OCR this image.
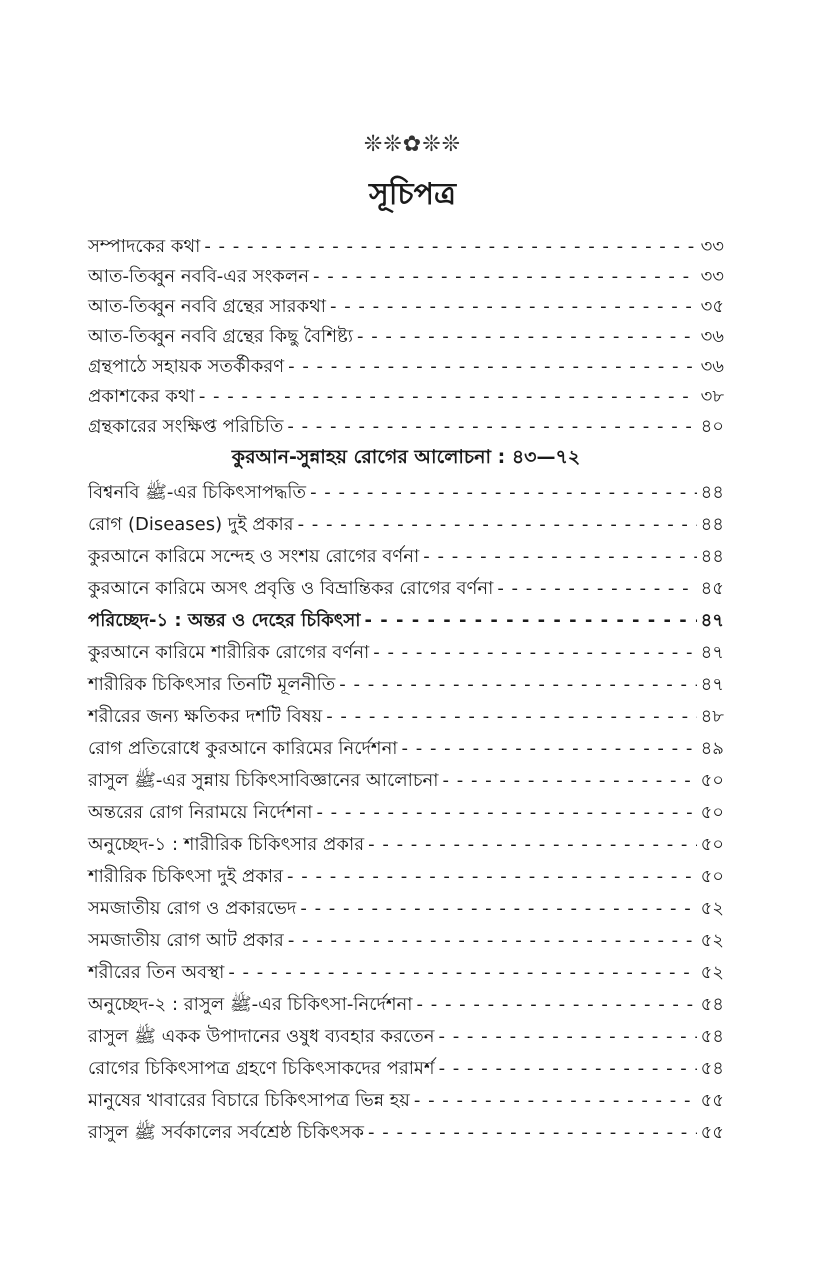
❊❊✿❊❊
সূচিপত্র
সম্পাদকের কথা - - -	৩৩
আত-তিব্বুন নববি-এর সংকলন - - -	৩৩
আত-তিব্বুন নববি গ্রন্থের সারকথা - - -	৩৫
আত-তিব্বুন নববি গ্রন্থের কিছু বৈশিষ্ট্য - - -	৩৬
গ্রন্থপাঠে সহায়ক সতর্কীকরণ - - -	৩৬
প্রকাশকের কথা - - -	৩৮
গ্রন্থকারের সংক্ষিপ্ত পরিচিতি - - -	৪০
কুরআন-সুন্নাহয় রোগের আলোচনা : ৪৩—৭২
বিশ্বনবি ﷺ-এর চিকিৎসাপদ্ধতি - - -	৪৪
রোগ (Diseases) দুই প্রকার - - -	৪৪
কুরআনে কারিমে সন্দেহ ও সংশয় রোগের বর্ণনা - - -	৪৪
কুরআনে কারিমে অসৎ প্রবৃত্তি ও বিভ্রান্তিকর রোগের বর্ণনা - - -	৪৫
পরিচ্ছেদ-১ : অন্তর ও দেহের চিকিৎসা - - -	৪৭
কুরআনে কারিমে শারীরিক রোগের বর্ণনা - - -	৪৭
শারীরিক চিকিৎসার তিনটি মূলনীতি - - -	৪৭
শরীরের জন্য ক্ষতিকর দশটি বিষয় - - -	৪৮
রোগ প্রতিরোধে কুরআনে কারিমের নির্দেশনা - - -	৪৯
রাসুল ﷺ-এর সুন্নায় চিকিৎসাবিজ্ঞানের আলোচনা - - -	৫০
অন্তরের রোগ নিরাময়ে নির্দেশনা - - -	৫০
অনুচ্ছেদ-১ : শারীরিক চিকিৎসার প্রকার - - -	৫০
শারীরিক চিকিৎসা দুই প্রকার - - -	৫০
সমজাতীয় রোগ ও প্রকারভেদ - - -	৫২
সমজাতীয় রোগ আট প্রকার - - -	৫২
শরীরের তিন অবস্থা - - -	৫২
অনুচ্ছেদ-২ : রাসুল ﷺ-এর চিকিৎসা-নির্দেশনা - - -	৫৪
রাসুল ﷺ একক উপাদানের ওষুধ ব্যবহার করতেন - - -	৫৪
রোগের চিকিৎসাপত্র গ্রহণে চিকিৎসাকদের পরামর্শ - - -	৫৪
মানুষের খাবারের বিচারে চিকিৎসাপত্র ভিন্ন হয় - - -	৫৫
রাসুল ﷺ সর্বকালের সর্বশ্রেষ্ঠ চিকিৎসক - - -	৫৫
